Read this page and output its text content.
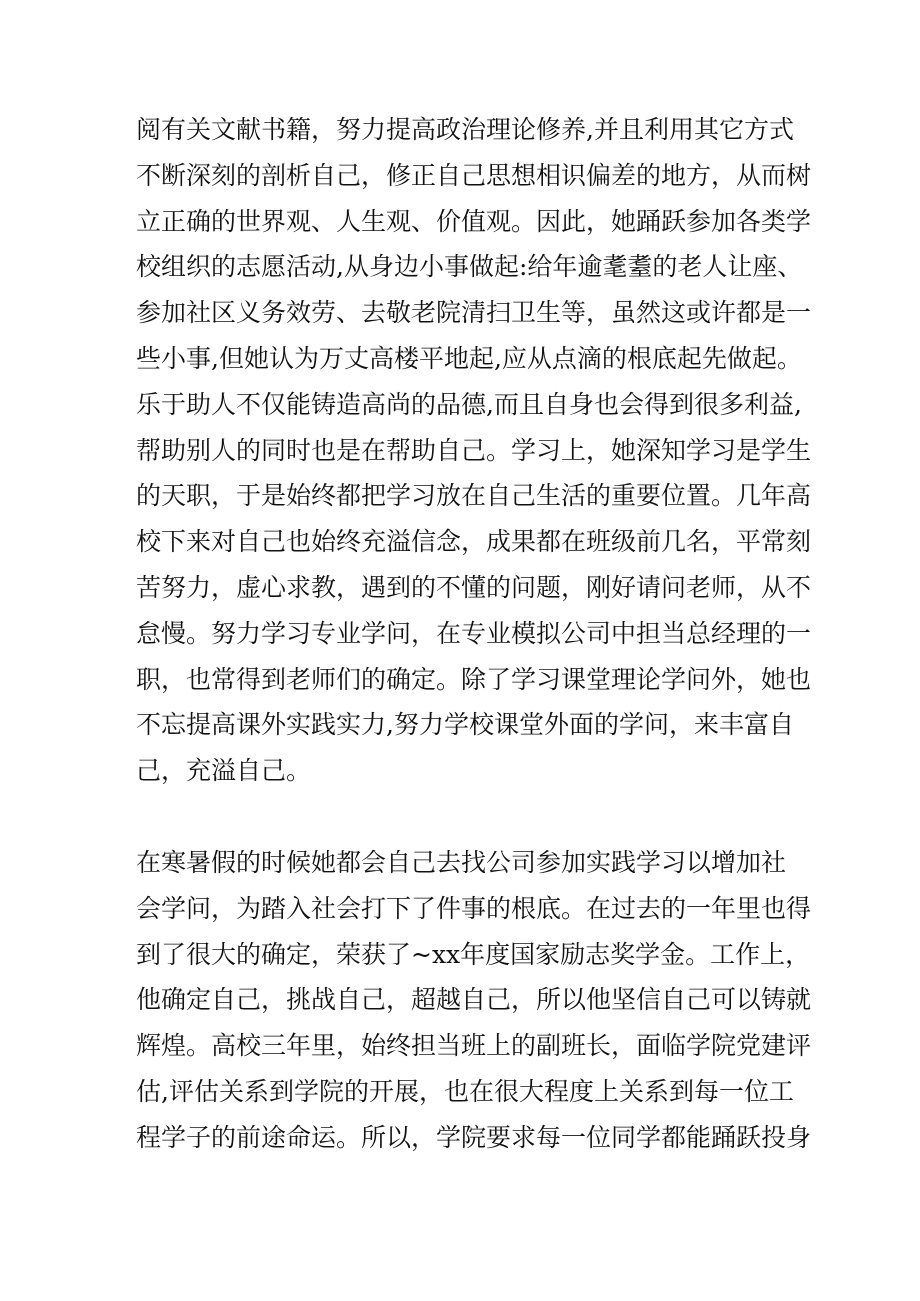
阅有关文献书籍，努力提高政治理论修养,并且利用其它方式
不断深刻的剖析自己，修正自己思想相识偏差的地方，从而树
立正确的世界观、人生观、价值观。因此，她踊跃参加各类学
校组织的志愿活动,从身边小事做起:给年逾耄耋的老人让座、
参加社区义务效劳、去敬老院清扫卫生等，虽然这或许都是一
些小事,但她认为万丈高楼平地起,应从点滴的根底起先做起。
乐于助人不仅能铸造高尚的品德,而且自身也会得到很多利益,
帮助别人的同时也是在帮助自己。学习上，她深知学习是学生
的天职，于是始终都把学习放在自己生活的重要位置。几年高
校下来对自己也始终充溢信念，成果都在班级前几名，平常刻
苦努力，虚心求教，遇到的不懂的问题，刚好请问老师，从不
怠慢。努力学习专业学问，在专业模拟公司中担当总经理的一
职，也常得到老师们的确定。除了学习课堂理论学问外，她也
不忘提高课外实践实力,努力学校课堂外面的学问，来丰富自
己，充溢自己。

在寒暑假的时候她都会自己去找公司参加实践学习以增加社
会学问，为踏入社会打下了件事的根底。在过去的一年里也得
到了很大的确定，荣获了~xx年度国家励志奖学金。工作上，
他确定自己，挑战自己，超越自己，所以他坚信自己可以铸就
辉煌。高校三年里，始终担当班上的副班长，面临学院党建评
估,评估关系到学院的开展，也在很大程度上关系到每一位工
程学子的前途命运。所以，学院要求每一位同学都能踊跃投身
